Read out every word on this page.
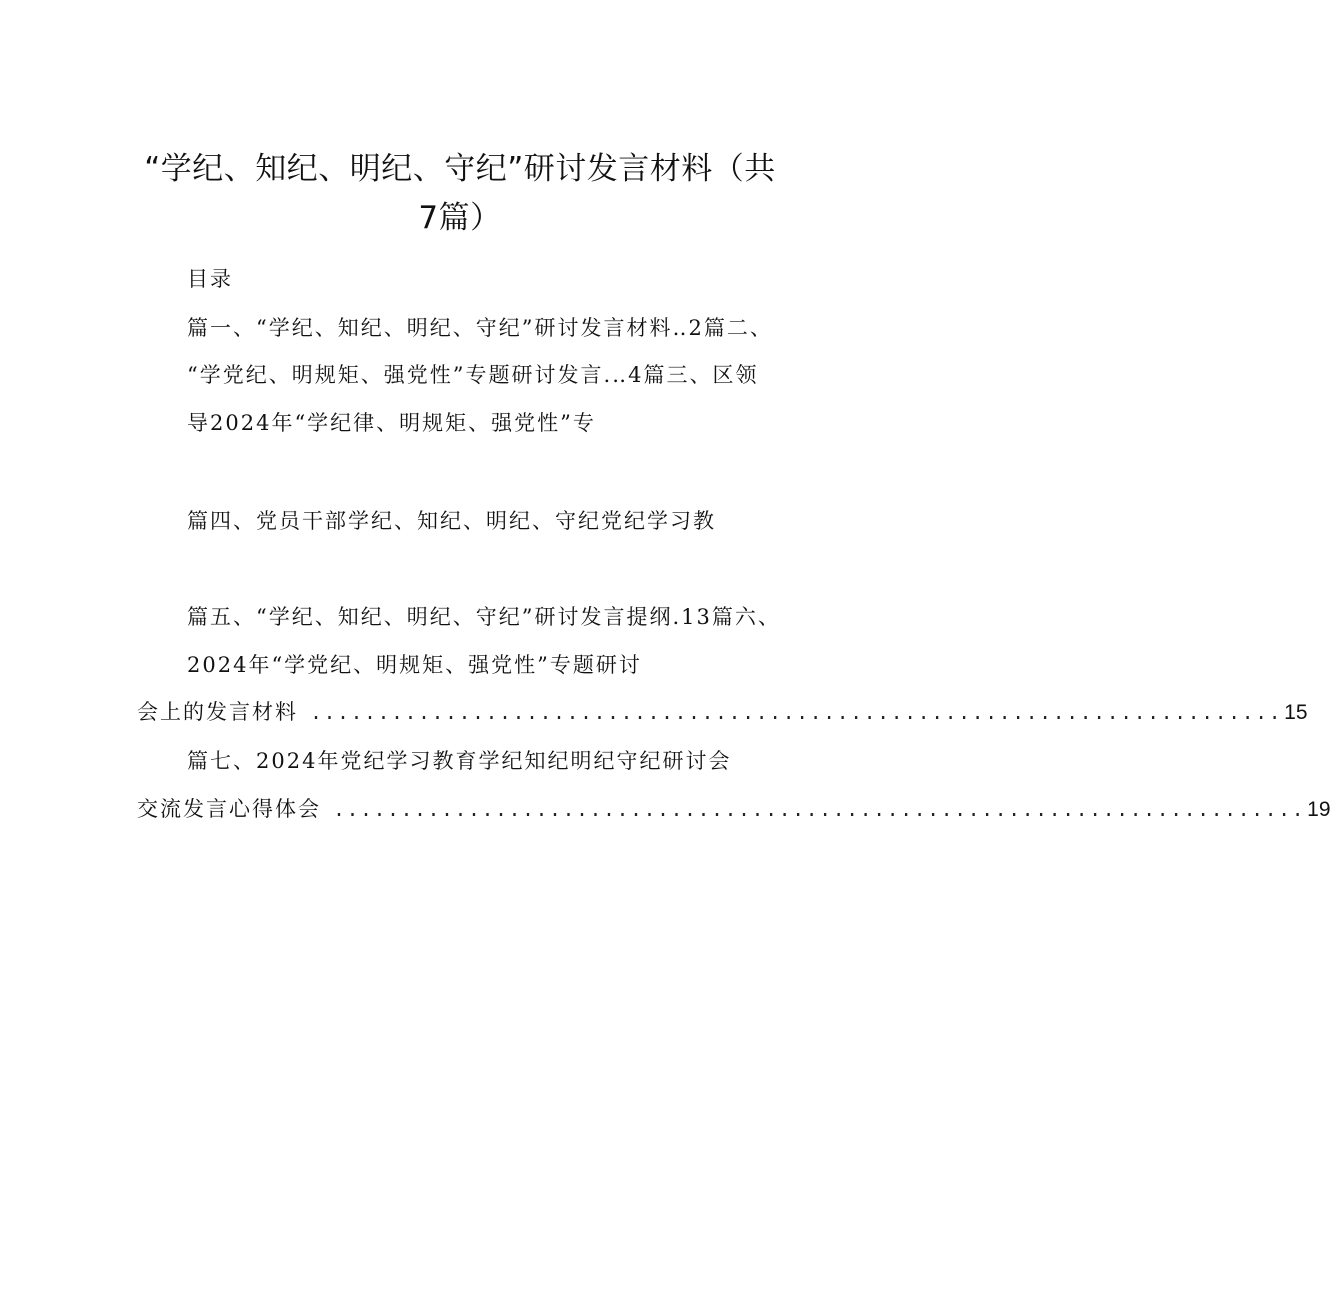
“学纪、知纪、明纪、守纪”研讨发言材料（共
7篇）
目录
篇一、“学纪、知纪、明纪、守纪”研讨发言材料‥2篇二、
“学党纪、明规矩、强党性”专题研讨发言.‥4篇三、区领
导2024年“学纪律、明规矩、强党性”专
篇四、党员干部学纪、知纪、明纪、守纪党纪学习教
篇五、“学纪、知纪、明纪、守纪”研讨发言提纲.13篇六、
2024年“学党纪、明规矩、强党性”专题研讨
会上的发言材料 ........................................................................ 15
篇七、2024年党纪学习教育学纪知纪明纪守纪研讨会
交流发言心得体会 ........................................................................ 19
